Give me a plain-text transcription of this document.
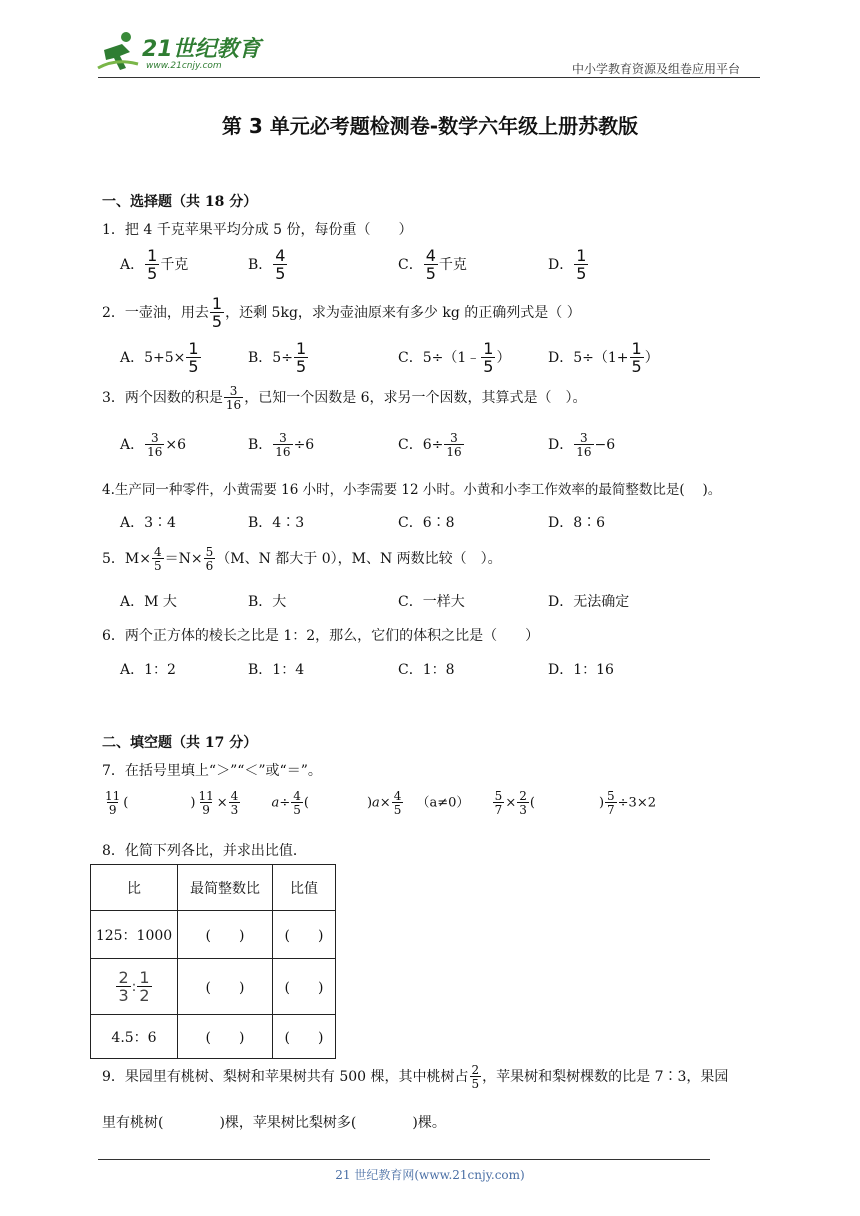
21世纪教育
www.21cnjy.com	中小学教育资源及组卷应用平台
第 3 单元必考题检测卷-数学六年级上册苏教版
一、选择题（共 18 分）
1．把 4 千克苹果平均分成 5 份，每份重（　　）
A． $\frac{1}{5}$ 千克	B． $\frac{4}{5}$	C． $\frac{4}{5}$ 千克	D． $\frac{1}{5}$
2．一壶油，用去 $\frac{1}{5}$ ，还剩 5kg，求为壶油原来有多少 kg 的正确列式是（ ）
A．$5+5\times \frac{1}{5}$	B．$5\div \frac{1}{5}$	C．5÷（1﹣ $\frac{1}{5}$ ）	D．$5\div(1+ \frac{1}{5}$ ）
3．两个因数的积是 $\frac{3}{16}$ ，已知一个因数是 6，求另一个因数，其算式是（　）。
A． $\frac{3}{16} \times 6$	B． $\frac{3}{16} \div 6$	C．$6\div \frac{3}{16}$	D． $\frac{3}{16} -6$
4.生产同一种零件，小黄需要 16 小时，小李需要 12 小时。小黄和小李工作效率的最简整数比是(　 )。
A．3∶4	B．4∶3	C．6∶8	D．8∶6
5．$M\times \frac{4}{5} =N\times \frac{5}{6} (M$、N 都大于 0），M、N 两数比较（　）。
A．M 大	B．大	C．一样大	D．无法确定
6．两个正方体的棱长之比是 1：2，那么，它们的体积之比是（　　）
A．1：2	B．1：4	C．1：8	D．1：16
二、填空题（共 17 分）
7．在括号里填上“＞”“＜”或“＝”。
$\frac{11}{9}$ (	) $\frac{11}{9} \times \frac{4}{3} a\div \frac{4}{5}$ (	)$a\times \frac{4}{5} (a\ne 0) \frac{5}{7} \times \frac{2}{3}$ (	) $\frac{5}{7} \div 3\times 2$
8．化简下列各比，并求出比值．
比	最简整数比	比值
125：1000	(　　)	(　　)

$\frac{2}{3}$ : $\frac{1}{2}$	(　　)	(　　)
4.5：6	(　　)	(　　)
9．果园里有桃树、梨树和苹果树共有 500 棵，其中桃树占 $\frac{2}{5}$ ，苹果树和梨树棵数的比是 7∶3，果园
里有桃树(　　　　)棵，苹果树比梨树多(　　　　)棵。
21 世纪教育网(www.21cnjy.com)
